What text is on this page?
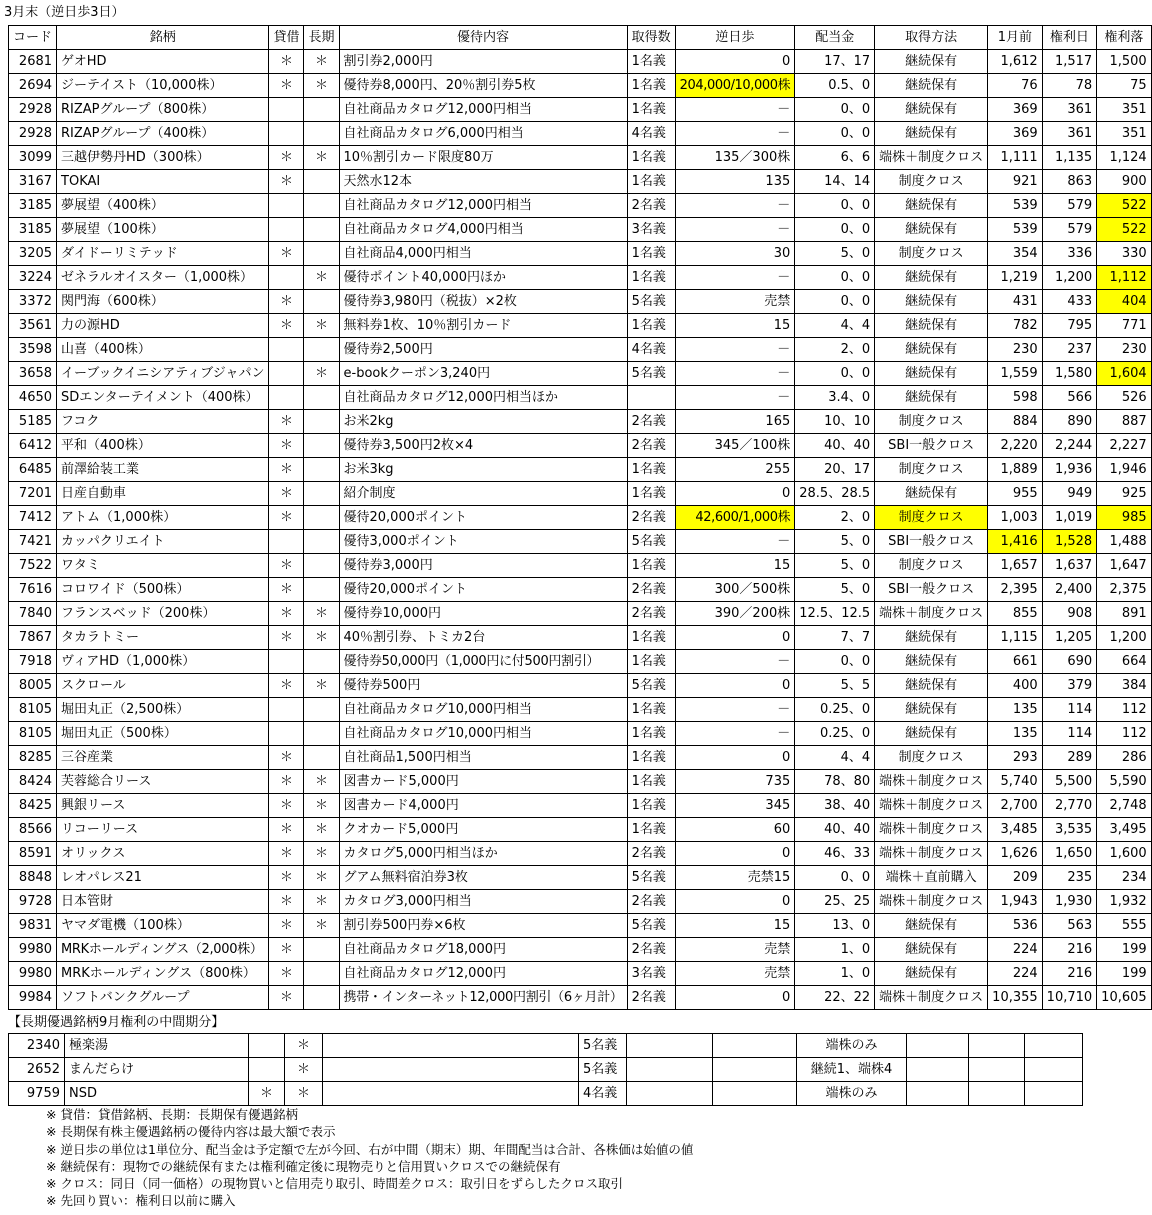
3月末（逆日歩3日）
コード	銘柄	貸借	長期	優待内容	取得数	逆日歩	配当金	取得方法	1月前	権利日	権利落
2681	ゲオHD	＊	＊	割引券2,000円	1名義	0	17、17	継続保有	1,612	1,517	1,500
2694	ジーテイスト（10,000株）	＊	＊	優待券8,000円、20％割引券5枚	1名義	204,000/10,000株	0.5、0	継続保有	76	78	75
2928	RIZAPグループ（800株）			自社商品カタログ12,000円相当	1名義	－	0、0	継続保有	369	361	351
2928	RIZAPグループ（400株）			自社商品カタログ6,000円相当	4名義	－	0、0	継続保有	369	361	351
3099	三越伊勢丹HD（300株）	＊	＊	10％割引カード限度80万	1名義	135／300株	6、6	端株＋制度クロス	1,111	1,135	1,124
3167	TOKAI	＊		天然水12本	1名義	135	14、14	制度クロス	921	863	900
3185	夢展望（400株）			自社商品カタログ12,000円相当	2名義	－	0、0	継続保有	539	579	522
3185	夢展望（100株）			自社商品カタログ4,000円相当	3名義	－	0、0	継続保有	539	579	522
3205	ダイドーリミテッド	＊		自社商品4,000円相当	1名義	30	5、0	制度クロス	354	336	330
3224	ゼネラルオイスター（1,000株）		＊	優待ポイント40,000円ほか	1名義	－	0、0	継続保有	1,219	1,200	1,112
3372	関門海（600株）	＊		優待券3,980円（税抜）×2枚	5名義	売禁	0、0	継続保有	431	433	404
3561	力の源HD	＊	＊	無料券1枚、10％割引カード	1名義	15	4、4	継続保有	782	795	771
3598	山喜（400株）			優待券2,500円	4名義	－	2、0	継続保有	230	237	230
3658	イーブックイニシアティブジャパン		＊	e-bookクーポン3,240円	5名義	－	0、0	継続保有	1,559	1,580	1,604
4650	SDエンターテイメント（400株）			自社商品カタログ12,000円相当ほか		－	3.4、0	継続保有	598	566	526
5185	フコク	＊		お米2kg	2名義	165	10、10	制度クロス	884	890	887
6412	平和（400株）	＊		優待券3,500円2枚×4	2名義	345／100株	40、40	SBI一般クロス	2,220	2,244	2,227
6485	前澤給装工業	＊		お米3kg	1名義	255	20、17	制度クロス	1,889	1,936	1,946
7201	日産自動車	＊		紹介制度	1名義	0	28.5、28.5	継続保有	955	949	925
7412	アトム（1,000株）	＊		優待20,000ポイント	2名義	42,600/1,000株	2、0	制度クロス	1,003	1,019	985
7421	カッパクリエイト			優待3,000ポイント	5名義	－	5、0	SBI一般クロス	1,416	1,528	1,488
7522	ワタミ	＊		優待券3,000円	1名義	15	5、0	制度クロス	1,657	1,637	1,647
7616	コロワイド（500株）	＊		優待20,000ポイント	2名義	300／500株	5、0	SBI一般クロス	2,395	2,400	2,375
7840	フランスベッド（200株）	＊	＊	優待券10,000円	2名義	390／200株	12.5、12.5	端株＋制度クロス	855	908	891
7867	タカラトミー	＊	＊	40％割引券、トミカ2台	1名義	0	7、7	継続保有	1,115	1,205	1,200
7918	ヴィアHD（1,000株）			優待券50,000円（1,000円に付500円割引）	1名義	－	0、0	継続保有	661	690	664
8005	スクロール	＊	＊	優待券500円	5名義	0	5、5	継続保有	400	379	384
8105	堀田丸正（2,500株）			自社商品カタログ10,000円相当	1名義	－	0.25、0	継続保有	135	114	112
8105	堀田丸正（500株）			自社商品カタログ10,000円相当	1名義	－	0.25、0	継続保有	135	114	112
8285	三谷産業	＊		自社商品1,500円相当	1名義	0	4、4	制度クロス	293	289	286
8424	芙蓉総合リース	＊	＊	図書カード5,000円	1名義	735	78、80	端株＋制度クロス	5,740	5,500	5,590
8425	興銀リース	＊	＊	図書カード4,000円	1名義	345	38、40	端株＋制度クロス	2,700	2,770	2,748
8566	リコーリース	＊	＊	クオカード5,000円	1名義	60	40、40	端株＋制度クロス	3,485	3,535	3,495
8591	オリックス	＊	＊	カタログ5,000円相当ほか	2名義	0	46、33	端株＋制度クロス	1,626	1,650	1,600
8848	レオパレス21	＊	＊	グアム無料宿泊券3枚	5名義	売禁15	0、0	端株＋直前購入	209	235	234
9728	日本管財	＊	＊	カタログ3,000円相当	2名義	0	25、25	端株＋制度クロス	1,943	1,930	1,932
9831	ヤマダ電機（100株）	＊	＊	割引券500円券×6枚	5名義	15	13、0	継続保有	536	563	555
9980	MRKホールディングス（2,000株）	＊		自社商品カタログ18,000円	2名義	売禁	1、0	継続保有	224	216	199
9980	MRKホールディングス（800株）	＊		自社商品カタログ12,000円	3名義	売禁	1、0	継続保有	224	216	199
9984	ソフトバンクグループ	＊		携帯・インターネット12,000円割引（6ヶ月計）	2名義	0	22、22	端株＋制度クロス	10,355	10,710	10,605
【長期優遇銘柄9月権利の中間期分】
2340	極楽湯		＊		5名義			端株のみ			
2652	まんだらけ		＊		5名義			継続1、端株4			
9759	NSD	＊	＊		4名義			端株のみ			
※ 貸借：貸借銘柄、長期：長期保有優遇銘柄
※ 長期保有株主優遇銘柄の優待内容は最大額で表示
※ 逆日歩の単位は1単位分、配当金は予定額で左が今回、右が中間（期末）期、年間配当は合計、各株価は始値の値
※ 継続保有：現物での継続保有または権利確定後に現物売りと信用買いクロスでの継続保有
※ クロス：同日（同一価格）の現物買いと信用売り取引、時間差クロス：取引日をずらしたクロス取引
※ 先回り買い：権利日以前に購入
